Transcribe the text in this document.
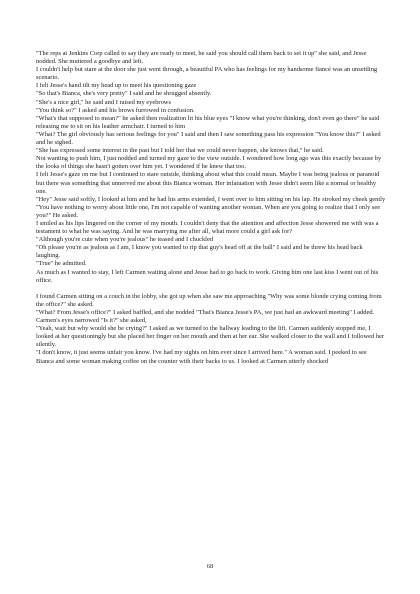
"The reps at Jenkins Corp called to say they are ready to meet, he said you should call them back to set it up" she said, and Jesse nodded. She muttered a goodbye and left.

I couldn't help but stare at the door she just went through, a beautiful PA who has feelings for my handsome fiancé was an unsettling scenario.

I felt Jesse's hand tilt my head up to meet his questioning gaze

"So that's Bianca, she's very pretty" I said and he shrugged absently.

"She's a nice girl," he said and I raised my eyebrows

"You think so?" I asked and his brows furrowed in confusion.

"What's that supposed to mean?" he asked then realization lit his blue eyes "I know what you're thinking, don't even go there" he said releasing me to sit on his leather armchair. I turned to him

"What? The girl obviously has serious feelings for you" I said and then I saw something pass his expression "You know this?" I asked and he sighed.

"She has expressed some interest in the past but I told her that we could never happen, she knows that," he said.

Not wanting to push him, I just nodded and turned my gaze to the view outside. I wondered how long ago was this exactly because by the looks of things she hasn't gotten over him yet. I wondered if he knew that too.

I felt Jesse's gaze on me but I continued to stare outside, thinking about what this could mean. Maybe I was being jealous or paranoid but there was something that unnerved me about this Bianca woman. Her infatuation with Jesse didn't seem like a normal or healthy one.

"Hey" Jesse said softly, I looked at him and he had his arms extended, I went over to him sitting on his lap. He stroked my cheek gently

"You have nothing to worry about little one, I'm not capable of wanting another woman. When are you going to realize that I only see you?" He asked.

I smiled as his lips lingered on the corner of my mouth. I couldn't deny that the attention and affection Jesse showered me with was a testament to what he was saying. And he was marrying me after all, what more could a girl ask for?

"Although you're cute when you're jealous" he teased and I chuckled

"Oh please you're as jealous as I am, I know you wanted to rip that guy's head off at the ball" I said and he threw his head back laughing.

"True" he admitted.

As much as I wanted to stay, I left Carmen waiting alone and Jesse had to go back to work. Giving him one last kiss I went out of his office.

I found Carmen sitting on a couch in the lobby, she got up when she saw me approaching "Why was some blonde crying coming from the office?" she asked.

"What? From Jesse's office?" I asked baffled, and she nodded "That's Bianca Jesse's PA, we just had an awkward meeting" I added.

Carmen's eyes narrowed "Is it?" she asked,

"Yeah, wait but why would she be crying?" I asked as we turned to the hallway leading to the lift. Carmen suddenly stopped me, I looked at her questioningly but she placed her finger on her mouth and then at her ear. She walked closer to the wall and I followed her silently.

"I don't know, it just seems unfair you know. I've had my sights on him ever since I arrived here." A woman said. I peeked to see Bianca and some woman making coffee on the counter with their backs to us. I looked at Carmen utterly shocked

68
